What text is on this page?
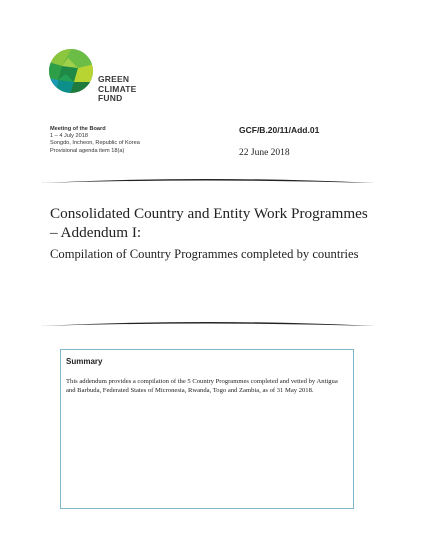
GREEN
CLIMATE
FUND
Meeting of the Board
1 – 4 July 2018
Songdo, Incheon, Republic of Korea
Provisional agenda item 18(a)
GCF/B.20/11/Add.01
22 June 2018
Consolidated Country and Entity Work Programmes – Addendum I:
Compilation of Country Programmes completed by countries
Summary
This addendum provides a compilation of the 5 Country Programmes completed and vetted by Antigua and Barbuda, Federated States of Micronesia, Rwanda, Togo and Zambia, as of 31 May 2018.
